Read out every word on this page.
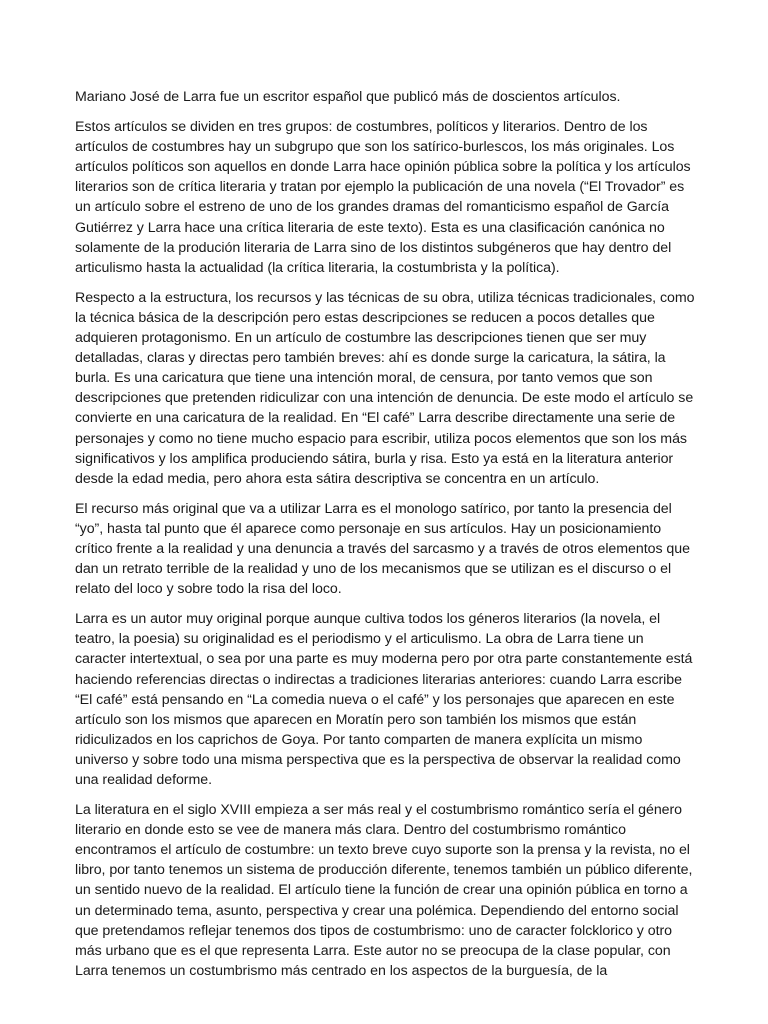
Mariano José de Larra fue un escritor español que publicó más de doscientos artículos.

Estos artículos se dividen en tres grupos: de costumbres, políticos y literarios. Dentro de los artículos de costumbres hay un subgrupo que son los satírico-burlescos, los más originales. Los artículos políticos son aquellos en donde Larra hace opinión pública sobre la política y los artículos literarios son de crítica literaria y tratan por ejemplo la publicación de una novela (“El Trovador” es un artículo sobre el estreno de uno de los grandes dramas del romanticismo español de García Gutiérrez y Larra hace una crítica literaria de este texto). Esta es una clasificación canónica no solamente de la produción literaria de Larra sino de los distintos subgéneros que hay dentro del articulismo hasta la actualidad (la crítica literaria, la costumbrista y la política).

Respecto a la estructura, los recursos y las técnicas de su obra, utiliza técnicas tradicionales, como la técnica básica de la descripción pero estas descripciones se reducen a pocos detalles que adquieren protagonismo. En un artículo de costumbre las descripciones tienen que ser muy detalladas, claras y directas pero también breves: ahí es donde surge la caricatura, la sátira, la burla. Es una caricatura que tiene una intención moral, de censura, por tanto vemos que son descripciones que pretenden ridiculizar con una intención de denuncia. De este modo el artículo se convierte en una caricatura de la realidad. En “El café” Larra describe directamente una serie de personajes y como no tiene mucho espacio para escribir, utiliza pocos elementos que son los más significativos y los amplifica produciendo sátira, burla y risa. Esto ya está en la literatura anterior desde la edad media, pero ahora esta sátira descriptiva se concentra en un artículo.

El recurso más original que va a utilizar Larra es el monologo satírico, por tanto la presencia del “yo”, hasta tal punto que él aparece como personaje en sus artículos. Hay un posicionamiento crítico frente a la realidad y una denuncia a través del sarcasmo y a través de otros elementos que dan un retrato terrible de la realidad y uno de los mecanismos que se utilizan es el discurso o el relato del loco y sobre todo la risa del loco.

Larra es un autor muy original porque aunque cultiva todos los géneros literarios (la novela, el teatro, la poesia) su originalidad es el periodismo y el articulismo. La obra de Larra tiene un caracter intertextual, o sea por una parte es muy moderna pero por otra parte constantemente está haciendo referencias directas o indirectas a tradiciones literarias anteriores: cuando Larra escribe “El café” está pensando en “La comedia nueva o el café” y los personajes que aparecen en este artículo son los mismos que aparecen en Moratín pero son también los mismos que están ridiculizados en los caprichos de Goya. Por tanto comparten de manera explícita un mismo universo y sobre todo una misma perspectiva que es la perspectiva de observar la realidad como una realidad deforme.

La literatura en el siglo XVIII empieza a ser más real y el costumbrismo romántico sería el género literario en donde esto se vee de manera más clara. Dentro del costumbrismo romántico encontramos el artículo de costumbre: un texto breve cuyo suporte son la prensa y la revista, no el libro, por tanto tenemos un sistema de producción diferente, tenemos también un público diferente, un sentido nuevo de la realidad. El artículo tiene la función de crear una opinión pública en torno a un determinado tema, asunto, perspectiva y crear una polémica. Dependiendo del entorno social que pretendamos reflejar tenemos dos tipos de costumbrismo: uno de caracter folcklorico y otro más urbano que es el que representa Larra. Este autor no se preocupa de la clase popular, con Larra tenemos un costumbrismo más centrado en los aspectos de la burguesía, de la
